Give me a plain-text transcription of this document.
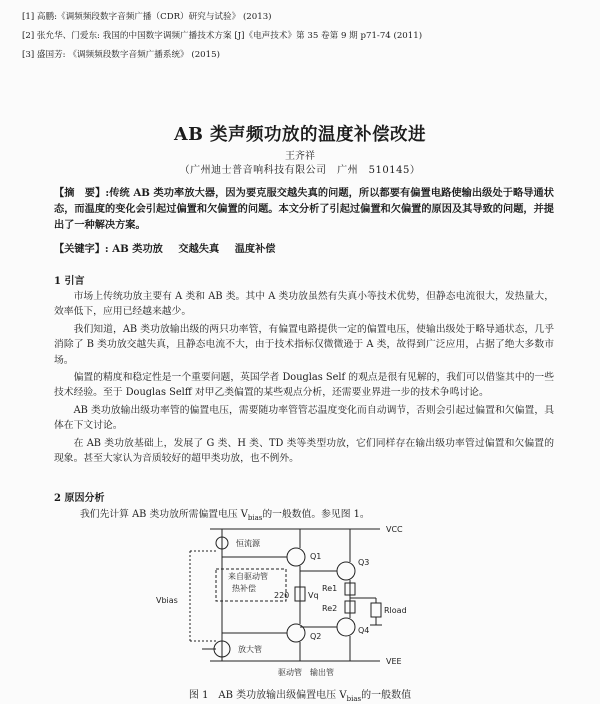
[1] 高鹏:《调频频段数字音频广播（CDR）研究与试验》 (2013)
[2] 张允华、门爱东: 我国的中国数字调频广播技术方案 [J]《电声技术》第 35 卷第 9 期 p71-74 (2011)
[3] 盛国芳: 《调频频段数字音频广播系统》 (2015)
AB 类声频功放的温度补偿改进
王齐祥
（广州迪士普音响科技有限公司　广州　510145）
【摘　要】:传统 AB 类功率放大器，因为要克服交越失真的问题，所以都要有偏置电路使输出级处于略导通状态，而温度的变化会引起过偏置和欠偏置的问题。本文分析了引起过偏置和欠偏置的原因及其导致的问题，并提出了一种解决方案。
【关键字】: AB 类功放 交越失真 温度补偿
1 引言

市场上传统功放主要有 A 类和 AB 类。其中 A 类功放虽然有失真小等技术优势，但静态电流很大，发热量大，效率低下，应用已经越来越少。

我们知道，AB 类功放输出级的两只功率管，有偏置电路提供一定的偏置电压，使输出级处于略导通状态，几乎消除了 B 类功放交越失真，且静态电流不大，由于技术指标仅微微逊于 A 类，故得到广泛应用，占据了绝大多数市场。

偏置的精度和稳定性是一个重要问题，英国学者 Douglas Self 的观点是很有见解的，我们可以借鉴其中的一些技术经验。至于 Douglas Selff 对甲乙类偏置的某些观点分析，还需要业界进一步的技术争鸣讨论。

AB 类功放输出级功率管的偏置电压，需要随功率管管芯温度变化而自动调节，否则会引起过偏置和欠偏置，具体在下文讨论。

在 AB 类功放基础上，发展了 G 类、H 类、TD 类等类型功放，它们同样存在输出级功率管过偏置和欠偏置的现象。甚至大家认为音质较好的超甲类功放，也不例外。

2 原因分析
我们先计算 AB 类功放所需偏置电压 $V_{bias}$的一般数值。参见图 1。
VCC
VEE
恒流源
Q1
Q3
Q2
Q4
来自驱动管
热补偿
Vbias
220 Vq
Re1
Re2	Rload
放大管
驱动管　输出管
图 1　AB 类功放输出级偏置电压 $V_{bias}$的一般数值
